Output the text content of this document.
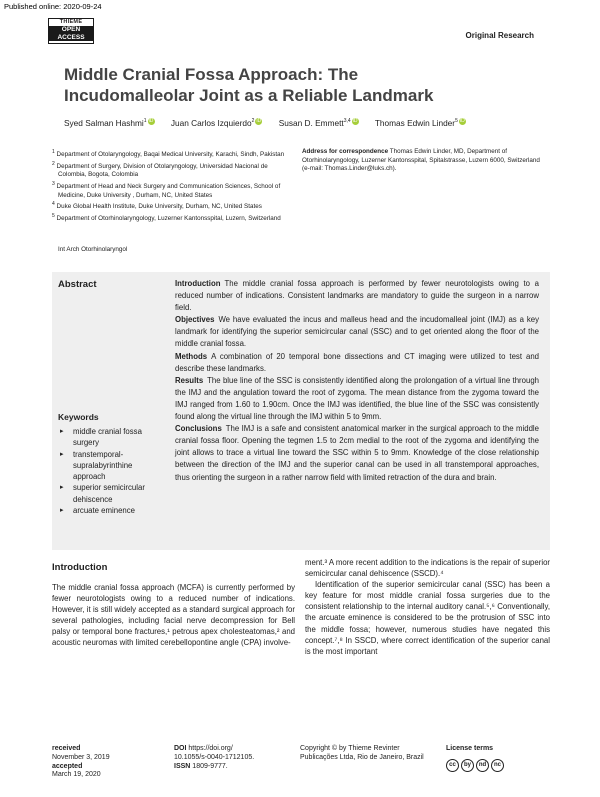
Published online: 2020-09-24
THIEME
OPEN
ACCESS	Original Research
Middle Cranial Fossa Approach: The
Incudomalleolar Joint as a Reliable Landmark
Syed Salman Hashmi$^1$ iD Juan Carlos Izquierdo$^2$ iD Susan D. Emmett$^{3,4}$ iD Thomas Edwin Linder$^5$ iD
$^1$ Department of Otolaryngology, Baqai Medical University, Karachi, Sindh, Pakistan
$^2$ Department of Surgery, Division of Otolaryngology, Universidad Nacional de Colombia, Bogota, Colombia
$^3$ Department of Head and Neck Surgery and Communication Sciences, School of Medicine, Duke University , Durham, NC, United States
$^4$ Duke Global Health Institute, Duke University, Durham, NC, United States
$^5$ Department of Otorhinolaryngology, Luzerner Kantonsspital, Luzern, Switzerland
Address for correspondence Thomas Edwin Linder, MD, Department of Otorhinolaryngology, Luzerner Kantonsspital, Spitalstrasse, Luzern 6000, Switzerland (e-mail: Thomas.Linder@luks.ch).
Int Arch Otorhinolaryngol
Abstract
Keywords
▸ middle cranial fossa surgery
▸ transtemporal-supralabyrinthine approach
▸ superior semicircular dehiscence
▸ arcuate eminence

Introduction The middle cranial fossa approach is performed by fewer neurotologists owing to a reduced number of indications. Consistent landmarks are mandatory to guide the surgeon in a narrow field.

Objectives We have evaluated the incus and malleus head and the incudomalleal joint (IMJ) as a key landmark for identifying the superior semicircular canal (SSC) and to get oriented along the floor of the middle cranial fossa.

Methods A combination of 20 temporal bone dissections and CT imaging were utilized to test and describe these landmarks.

Results The blue line of the SSC is consistently identified along the prolongation of a virtual line through the IMJ and the angulation toward the root of zygoma. The mean distance from the zygoma toward the IMJ ranged from 1.60 to 1.90cm. Once the IMJ was identified, the blue line of the SSC was consistently found along the virtual line through the IMJ within 5 to 9mm.

Conclusions The IMJ is a safe and consistent anatomical marker in the surgical approach to the middle cranial fossa floor. Opening the tegmen 1.5 to 2cm medial to the root of the zygoma and identifying the joint allows to trace a virtual line toward the SSC within 5 to 9mm. Knowledge of the close relationship between the direction of the IMJ and the superior canal can be used in all transtemporal approaches, thus orienting the surgeon in a rather narrow field with limited retraction of the dura and brain.

Introduction

The middle cranial fossa approach (MCFA) is currently performed by fewer neurotologists owing to a reduced number of indications. However, it is still widely accepted as a standard surgical approach for several pathologies, including facial nerve decompression for Bell palsy or temporal bone fractures,¹ petrous apex cholesteatomas,² and acoustic neuromas with limited cerebellopontine angle (CPA) involve-

ment.³ A more recent addition to the indications is the repair of superior semicircular canal dehiscence (SSCD).⁴

Identification of the superior semicircular canal (SSC) has been a key feature for most middle cranial fossa surgeries due to the consistent relationship to the internal auditory canal.⁵,⁶ Conventionally, the arcuate eminence is considered to be the protrusion of SSC into the middle fossa; however, numerous studies have negated this concept.⁷,⁸ In SSCD, where correct identification of the superior canal is the most important

received
November 3, 2019
accepted
March 19, 2020
DOI https://doi.org/
10.1055/s-0040-1712105.
ISSN 1809-9777.
Copyright © by Thieme Revinter
Publicações Ltda, Rio de Janeiro, Brazil
License terms
cc	by	nd	nc
